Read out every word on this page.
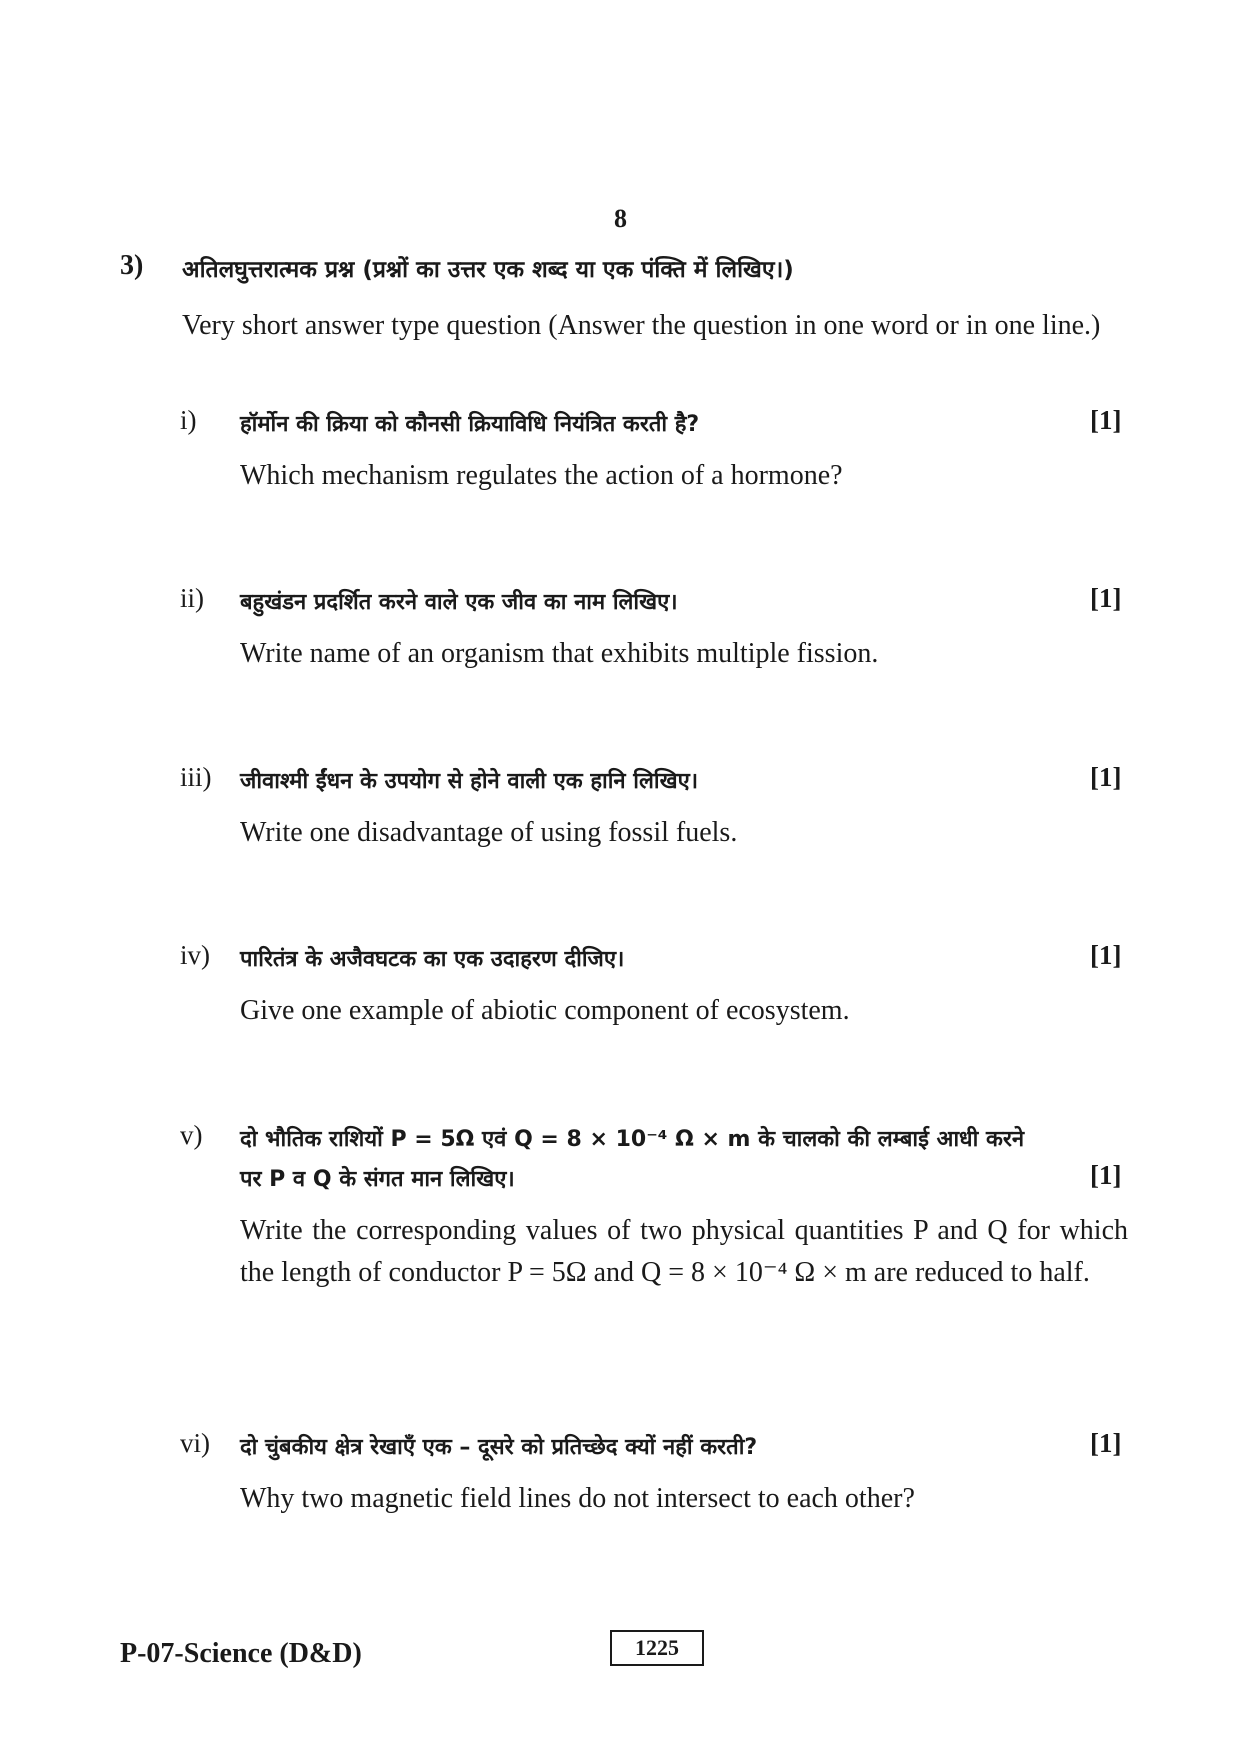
8
3) अतिलघुत्तरात्मक प्रश्न (प्रश्नों का उत्तर एक शब्द या एक पंक्ति में लिखिए।)
Very short answer type question (Answer the question in one word or in one line.)
i) हॉर्मोन की क्रिया को कौनसी क्रियाविधि नियंत्रित करती है?	[1]
Which mechanism regulates the action of a hormone?
ii) बहुखंडन प्रदर्शित करने वाले एक जीव का नाम लिखिए।	[1]
Write name of an organism that exhibits multiple fission.
iii) जीवाश्मी ईंधन के उपयोग से होने वाली एक हानि लिखिए।	[1]
Write one disadvantage of using fossil fuels.
iv) पारितंत्र के अजैवघटक का एक उदाहरण दीजिए।	[1]
Give one example of abiotic component of ecosystem.
v) दो भौतिक राशियों P = 5Ω एवं Q = 8 × 10⁻⁴ Ω × m के चालको की लम्बाई आधी करने
पर P व Q के संगत मान लिखिए।	[1]
Write the corresponding values of two physical quantities P and Q for which the length of conductor P = 5Ω and Q = 8 × 10⁻⁴ Ω × m are reduced to half.
vi) दो चुंबकीय क्षेत्र रेखाएँ एक – दूसरे को प्रतिच्छेद क्यों नहीं करती?	[1]
Why two magnetic field lines do not intersect to each other?
P-07-Science (D&D)	1225
